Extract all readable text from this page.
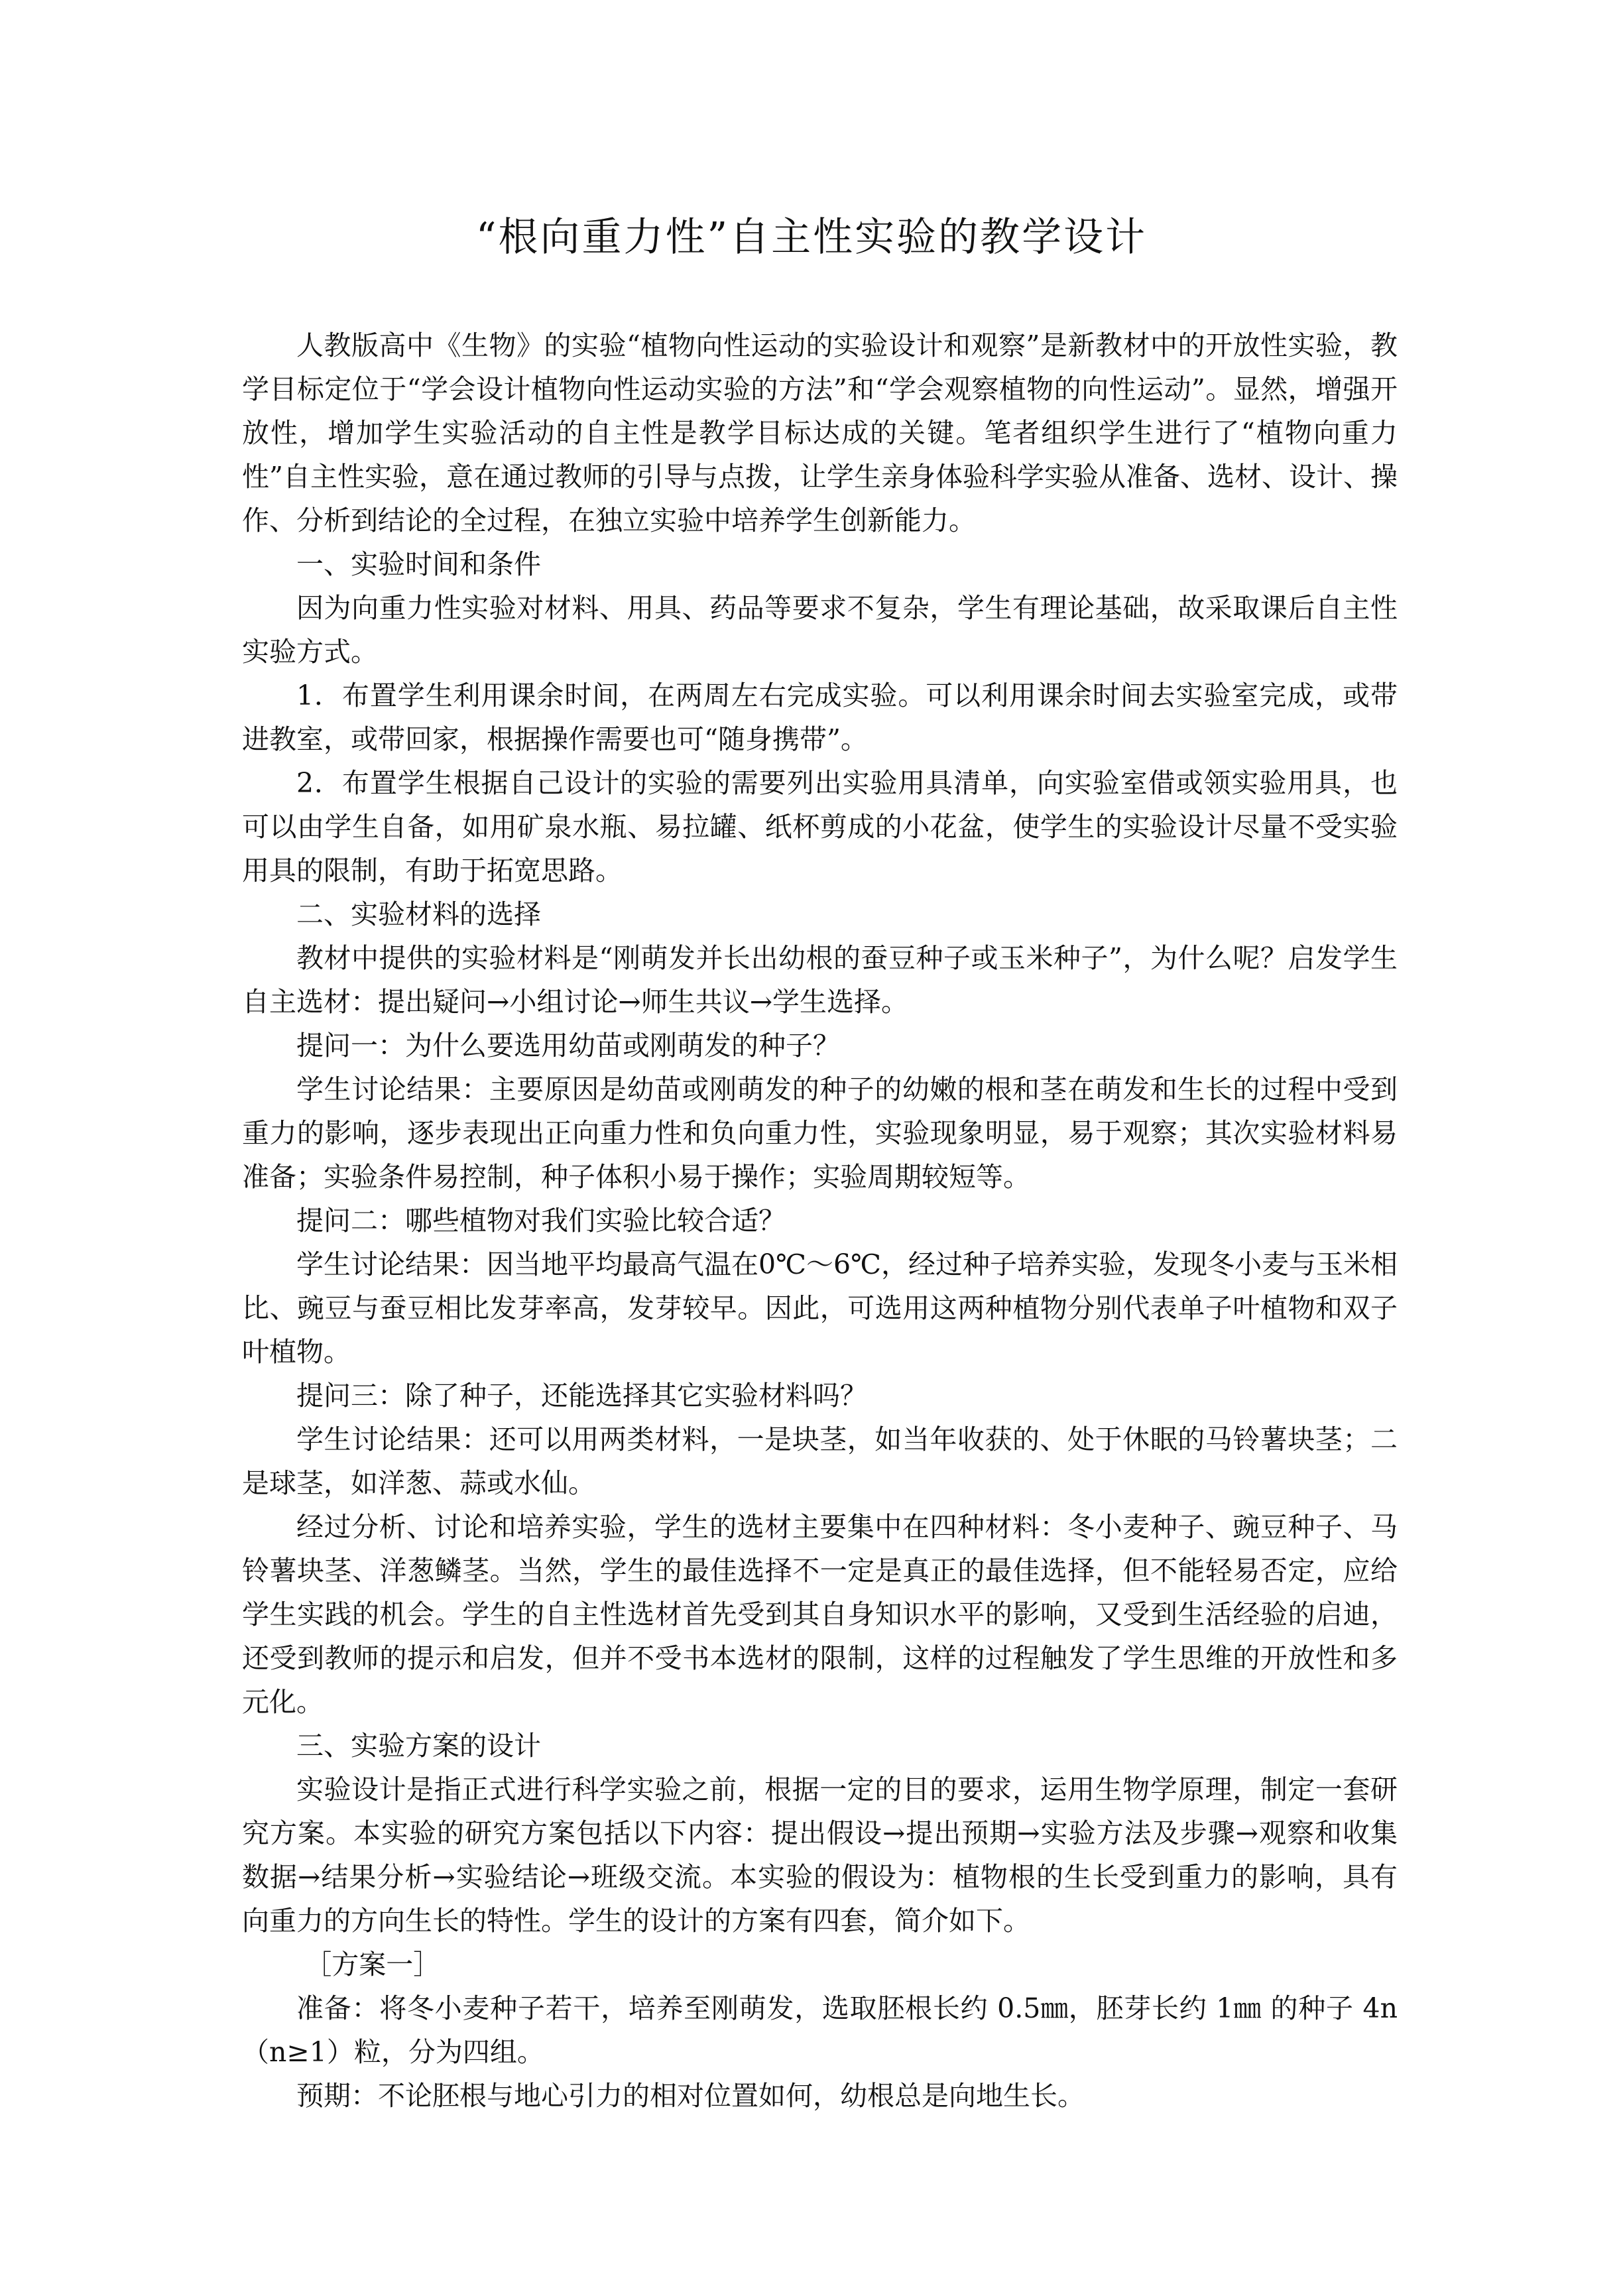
“根向重力性”自主性实验的教学设计

人教版高中《生物》的实验“植物向性运动的实验设计和观察”是新教材中的开放性实验，教学目标定位于“学会设计植物向性运动实验的方法”和“学会观察植物的向性运动”。显然，增强开放性，增加学生实验活动的自主性是教学目标达成的关键。笔者组织学生进行了“植物向重力性”自主性实验，意在通过教师的引导与点拨，让学生亲身体验科学实验从准备、选材、设计、操作、分析到结论的全过程，在独立实验中培养学生创新能力。

一、实验时间和条件

因为向重力性实验对材料、用具、药品等要求不复杂，学生有理论基础，故采取课后自主性实验方式。

1．布置学生利用课余时间，在两周左右完成实验。可以利用课余时间去实验室完成，或带进教室，或带回家，根据操作需要也可“随身携带”。

2．布置学生根据自己设计的实验的需要列出实验用具清单，向实验室借或领实验用具，也可以由学生自备，如用矿泉水瓶、易拉罐、纸杯剪成的小花盆，使学生的实验设计尽量不受实验用具的限制，有助于拓宽思路。

二、实验材料的选择

教材中提供的实验材料是“刚萌发并长出幼根的蚕豆种子或玉米种子”，为什么呢？启发学生自主选材：提出疑问→小组讨论→师生共议→学生选择。

提问一：为什么要选用幼苗或刚萌发的种子？

学生讨论结果：主要原因是幼苗或刚萌发的种子的幼嫩的根和茎在萌发和生长的过程中受到重力的影响，逐步表现出正向重力性和负向重力性，实验现象明显，易于观察；其次实验材料易准备；实验条件易控制，种子体积小易于操作；实验周期较短等。

提问二：哪些植物对我们实验比较合适？

学生讨论结果：因当地平均最高气温在0℃～6℃，经过种子培养实验，发现冬小麦与玉米相比、豌豆与蚕豆相比发芽率高，发芽较早。因此，可选用这两种植物分别代表单子叶植物和双子叶植物。

提问三：除了种子，还能选择其它实验材料吗？

学生讨论结果：还可以用两类材料，一是块茎，如当年收获的、处于休眠的马铃薯块茎；二是球茎，如洋葱、蒜或水仙。

经过分析、讨论和培养实验，学生的选材主要集中在四种材料：冬小麦种子、豌豆种子、马铃薯块茎、洋葱鳞茎。当然，学生的最佳选择不一定是真正的最佳选择，但不能轻易否定，应给学生实践的机会。学生的自主性选材首先受到其自身知识水平的影响，又受到生活经验的启迪，还受到教师的提示和启发，但并不受书本选材的限制，这样的过程触发了学生思维的开放性和多元化。

三、实验方案的设计

实验设计是指正式进行科学实验之前，根据一定的目的要求，运用生物学原理，制定一套研究方案。本实验的研究方案包括以下内容：提出假设→提出预期→实验方法及步骤→观察和收集数据→结果分析→实验结论→班级交流。本实验的假设为：植物根的生长受到重力的影响，具有向重力的方向生长的特性。学生的设计的方案有四套，简介如下。

［方案一］

准备：将冬小麦种子若干，培养至刚萌发，选取胚根长约 0.5㎜，胚芽长约 1㎜ 的种子 4n（n≥1）粒，分为四组。

预期：不论胚根与地心引力的相对位置如何，幼根总是向地生长。
